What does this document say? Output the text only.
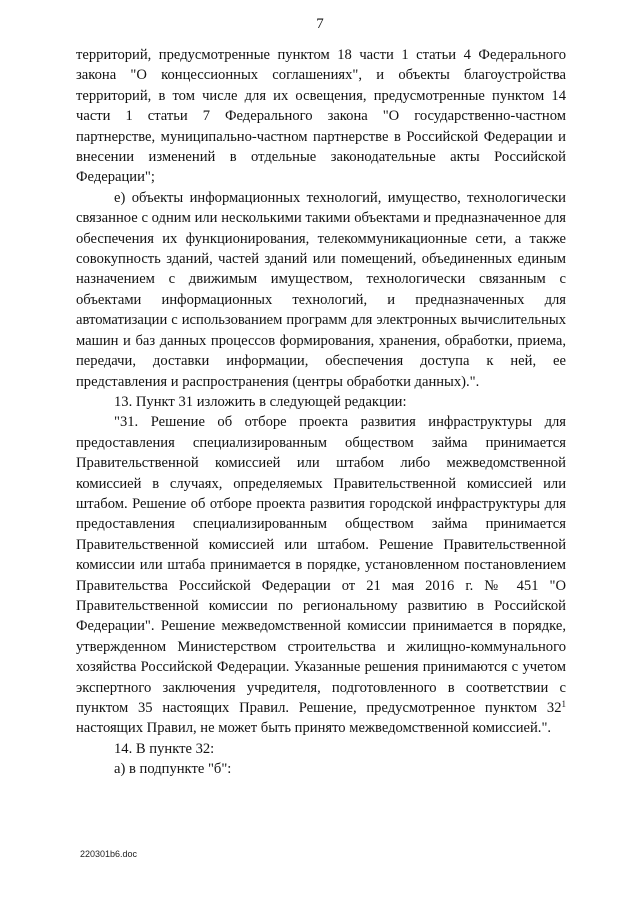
7

территорий, предусмотренные пунктом 18 части 1 статьи 4 Федерального закона "О концессионных соглашениях", и объекты благоустройства территорий, в том числе для их освещения, предусмотренные пунктом 14 части 1 статьи 7 Федерального закона "О государственно-частном партнерстве, муниципально-частном партнерстве в Российской Федерации и внесении изменений в отдельные законодательные акты Российской Федерации";

е) объекты информационных технологий, имущество, технологически связанное с одним или несколькими такими объектами и предназначенное для обеспечения их функционирования, телекоммуникационные сети, а также совокупность зданий, частей зданий или помещений, объединенных единым назначением с движимым имуществом, технологически связанным с объектами информационных технологий, и предназначенных для автоматизации с использованием программ для электронных вычислительных машин и баз данных процессов формирования, хранения, обработки, приема, передачи, доставки информации, обеспечения доступа к ней, ее представления и распространения (центры обработки данных).".

13. Пункт 31 изложить в следующей редакции:

"31. Решение об отборе проекта развития инфраструктуры для предоставления специализированным обществом займа принимается Правительственной комиссией или штабом либо межведомственной комиссией в случаях, определяемых Правительственной комиссией или штабом. Решение об отборе проекта развития городской инфраструктуры для предоставления специализированным обществом займа принимается Правительственной комиссией или штабом. Решение Правительственной комиссии или штаба принимается в порядке, установленном постановлением Правительства Российской Федерации от 21 мая 2016 г. № 451 "О Правительственной комиссии по региональному развитию в Российской Федерации". Решение межведомственной комиссии принимается в порядке, утвержденном Министерством строительства и жилищно-коммунального хозяйства Российской Федерации. Указанные решения принимаются с учетом экспертного заключения учредителя, подготовленного в соответствии с пунктом 35 настоящих Правил. Решение, предусмотренное пунктом $32^1$ настоящих Правил, не может быть принято межведомственной комиссией.".

14. В пункте 32:

а) в подпункте "б":

220301b6.doc
